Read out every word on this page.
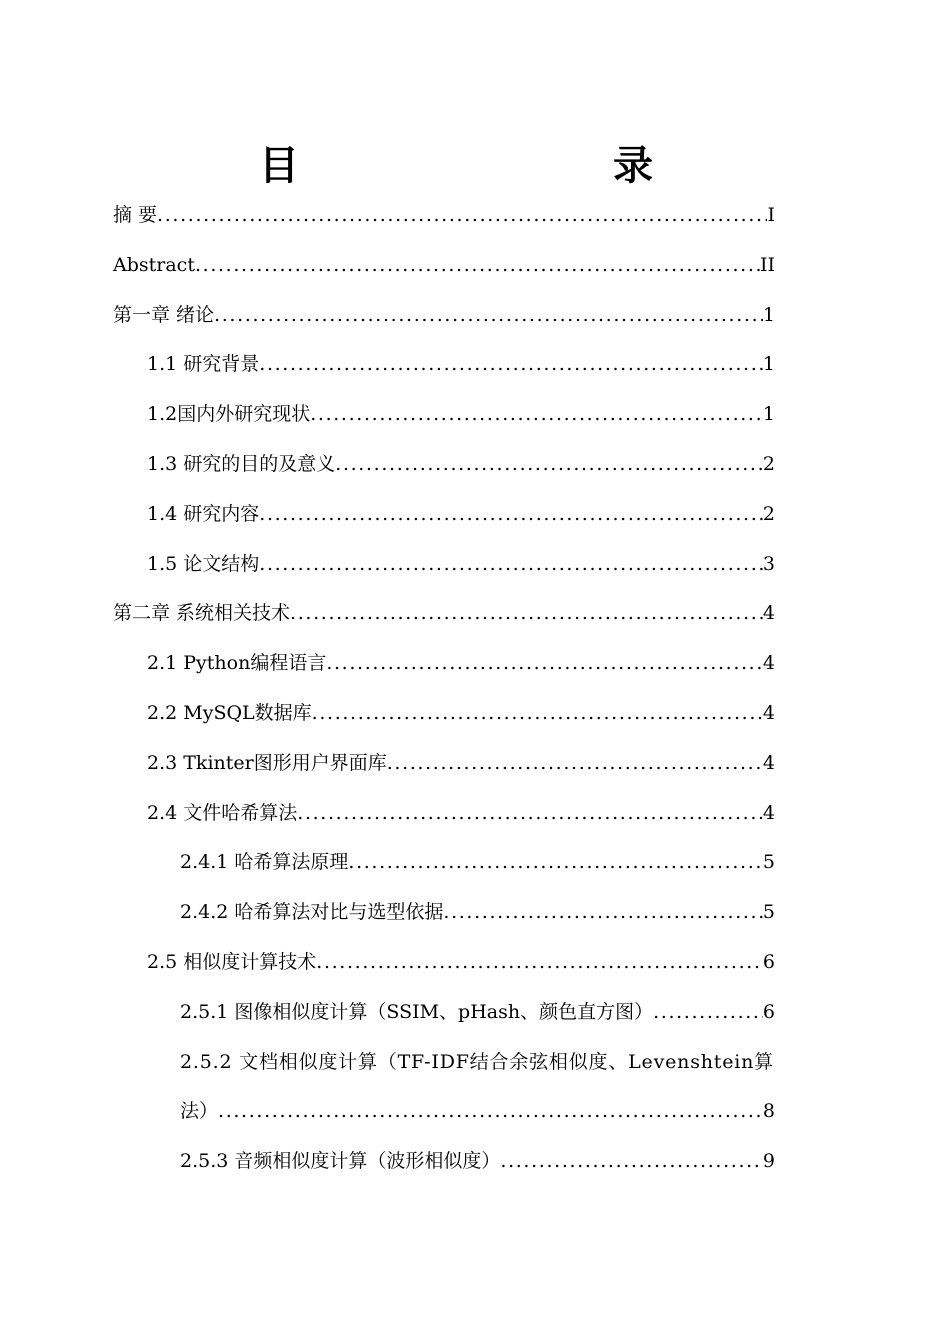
目　　录
摘 要 . . .	I
Abstract . . .	II
第一章 绪论 . . .	1
1.1 研究背景 . . .	1
1.2国内外研究现状 . . .	1
1.3 研究的目的及意义 . . .	2
1.4 研究内容 . . .	2
1.5 论文结构 . . .	3
第二章 系统相关技术 . . .	4
2.1 Python编程语言 . . .	4
2.2 MySQL数据库 . . .	4
2.3 Tkinter图形用户界面库 . . .	4
2.4 文件哈希算法 . . .	4
2.4.1 哈希算法原理 . . .	5
2.4.2 哈希算法对比与选型依据 . . .	5
2.5 相似度计算技术 . . .	6
2.5.1 图像相似度计算（SSIM、pHash、颜色直方图） . . .	6
2.5.2 文档相似度计算（TF-IDF结合余弦相似度、Levenshtein算
法） . . .	8
2.5.3 音频相似度计算（波形相似度） . . .	9
